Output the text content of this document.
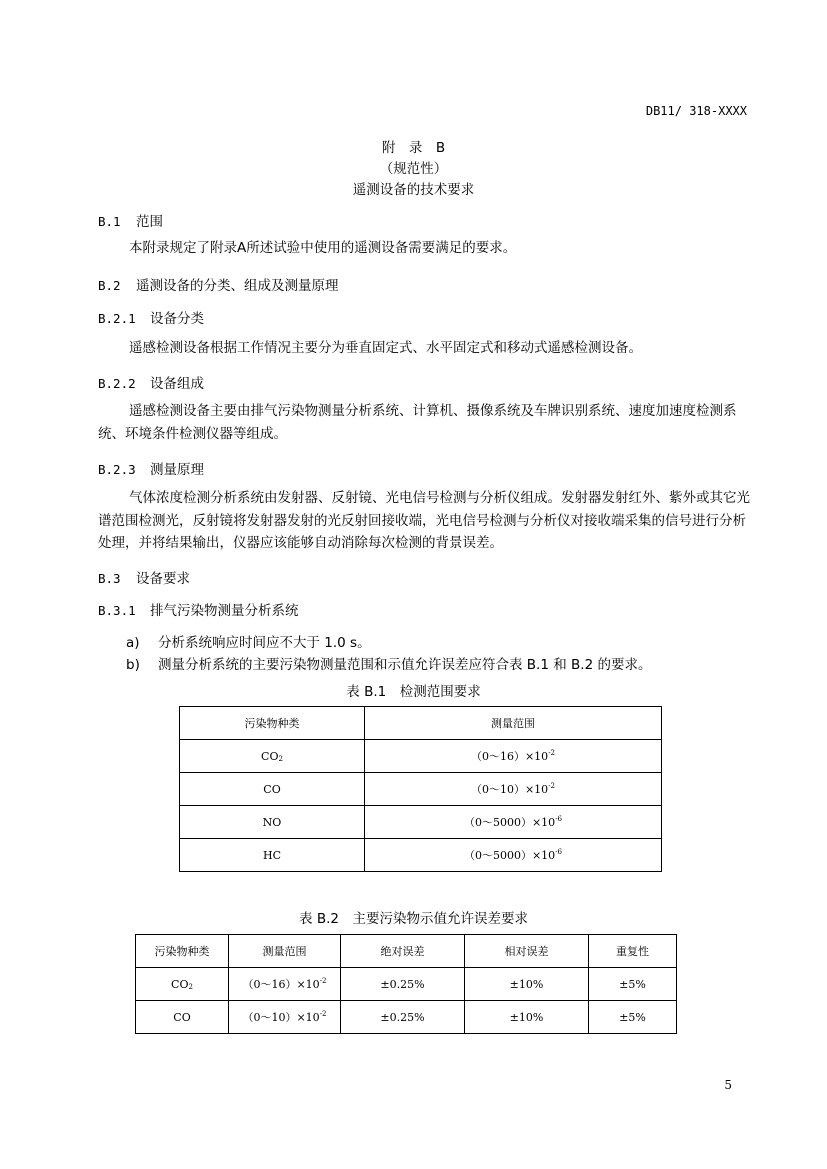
DB11/ 318-XXXX
附　录　B
（规范性）
遥测设备的技术要求
B.1 范围
本附录规定了附录A所述试验中使用的遥测设备需要满足的要求。
B.2 遥测设备的分类、组成及测量原理
B.2.1 设备分类
遥感检测设备根据工作情况主要分为垂直固定式、水平固定式和移动式遥感检测设备。
B.2.2 设备组成
遥感检测设备主要由排气污染物测量分析系统、计算机、摄像系统及车牌识别系统、速度加速度检测系统、环境条件检测仪器等组成。
B.2.3 测量原理
气体浓度检测分析系统由发射器、反射镜、光电信号检测与分析仪组成。发射器发射红外、紫外或其它光谱范围检测光，反射镜将发射器发射的光反射回接收端，光电信号检测与分析仪对接收端采集的信号进行分析处理，并将结果输出，仪器应该能够自动消除每次检测的背景误差。
B.3 设备要求
B.3.1 排气污染物测量分析系统
a) 分析系统响应时间应不大于 1.0 s。
b) 测量分析系统的主要污染物测量范围和示值允许误差应符合表 B.1 和 B.2 的要求。
表 B.1　检测范围要求
污染物种类	测量范围
$CO_2$	$(0\sim 16)\times 10^{-2}$
CO	$(0\sim 10)\times 10^{-2}$
NO	$(0\sim 5000)\times 10^{-6}$
HC	$(0\sim 5000)\times 10^{-6}$
表 B.2　主要污染物示值允许误差要求
污染物种类	测量范围	绝对误差	相对误差	重复性
$CO_2$	$(0\sim 16)\times 10^{-2}$	±0.25%	±10%	±5%
CO	$(0\sim 10)\times 10^{-2}$	±0.25%	±10%	±5%
5
